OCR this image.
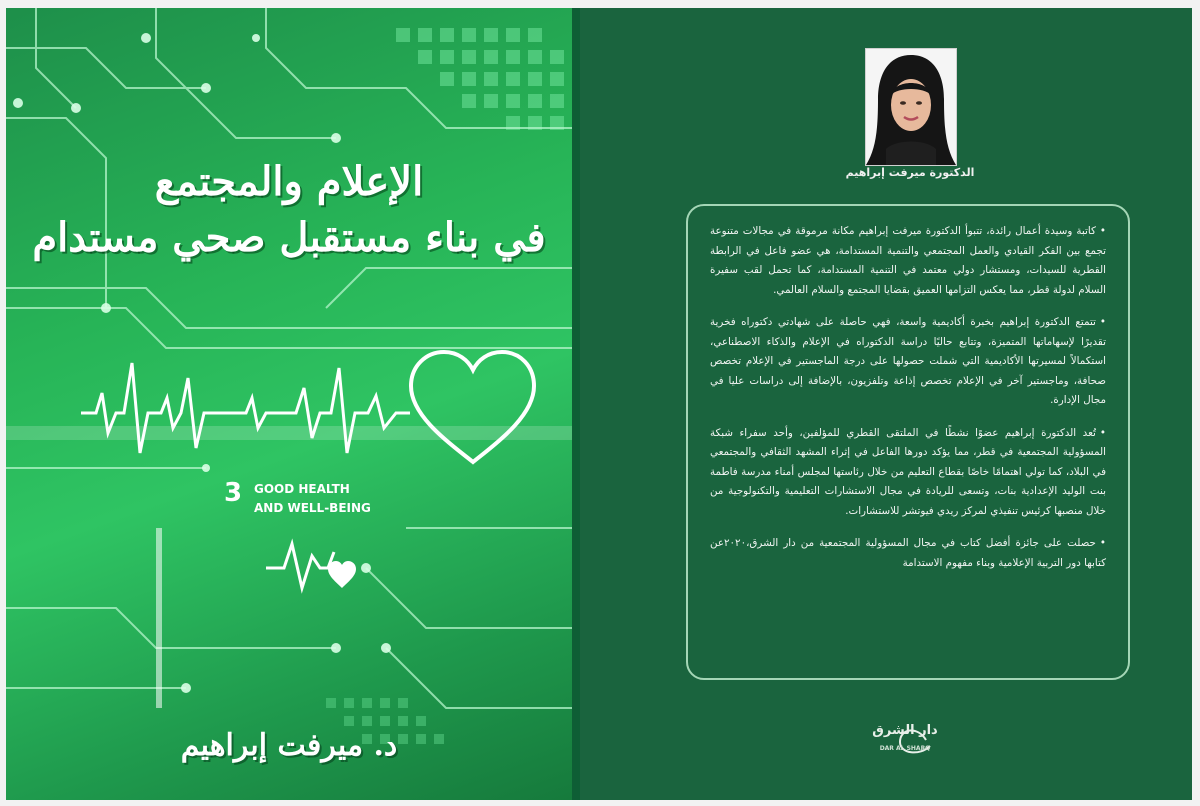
الإعلام والمجتمع
في بناء مستقبل صحي مستدام
3 GOOD HEALTH
AND WELL-BEING
د. ميرفت إبراهيم
الدكتورة ميرفت إبراهيم

• كاتبة وسيدة أعمال رائدة، تتبوأ الدكتورة ميرفت إبراهيم مكانة مرموقة في مجالات متنوعة تجمع بين الفكر القيادي والعمل المجتمعي والتنمية المستدامة، هي عضو فاعل في الرابطة القطرية للسيدات، ومستشار دولي معتمد في التنمية المستدامة، كما تحمل لقب سفيرة السلام لدولة قطر، مما يعكس التزامها العميق بقضايا المجتمع والسلام العالمي.

• تتمتع الدكتورة إبراهيم بخبرة أكاديمية واسعة، فهي حاصلة على شهادتي دكتوراه فخرية تقديرًا لإسهاماتها المتميزة، وتتابع حاليًا دراسة الدكتوراه في الإعلام والذكاء الاصطناعي، استكمالاً لمسيرتها الأكاديمية التي شملت حصولها على درجة الماجستير في الإعلام تخصص صحافة، وماجستير آخر في الإعلام تخصص إذاعة وتلفزيون، بالإضافة إلى دراسات عليا في مجال الإدارة.

• تُعد الدكتورة إبراهيم عضوًا نشطًا في الملتقى القطري للمؤلفين، وأحد سفراء شبكة المسؤولية المجتمعية في قطر، مما يؤكد دورها الفاعل في إثراء المشهد الثقافي والمجتمعي في البلاد، كما تولي اهتمامًا خاصًا بقطاع التعليم من خلال رئاستها لمجلس أمناء مدرسة فاطمة بنت الوليد الإعدادية بنات، وتسعى للريادة في مجال الاستشارات التعليمية والتكنولوجية من خلال منصبها كرئيس تنفيذي لمركز ريدي فيوتشر للاستشارات.

• حصلت على جائزة أفضل كتاب في مجال المسؤولية المجتمعية من دار الشرق،٢٠٢٠عن كتابها دور التربية الإعلامية وبناء مفهوم الاستدامة

دار الشرق
DAR AL SHARQ
